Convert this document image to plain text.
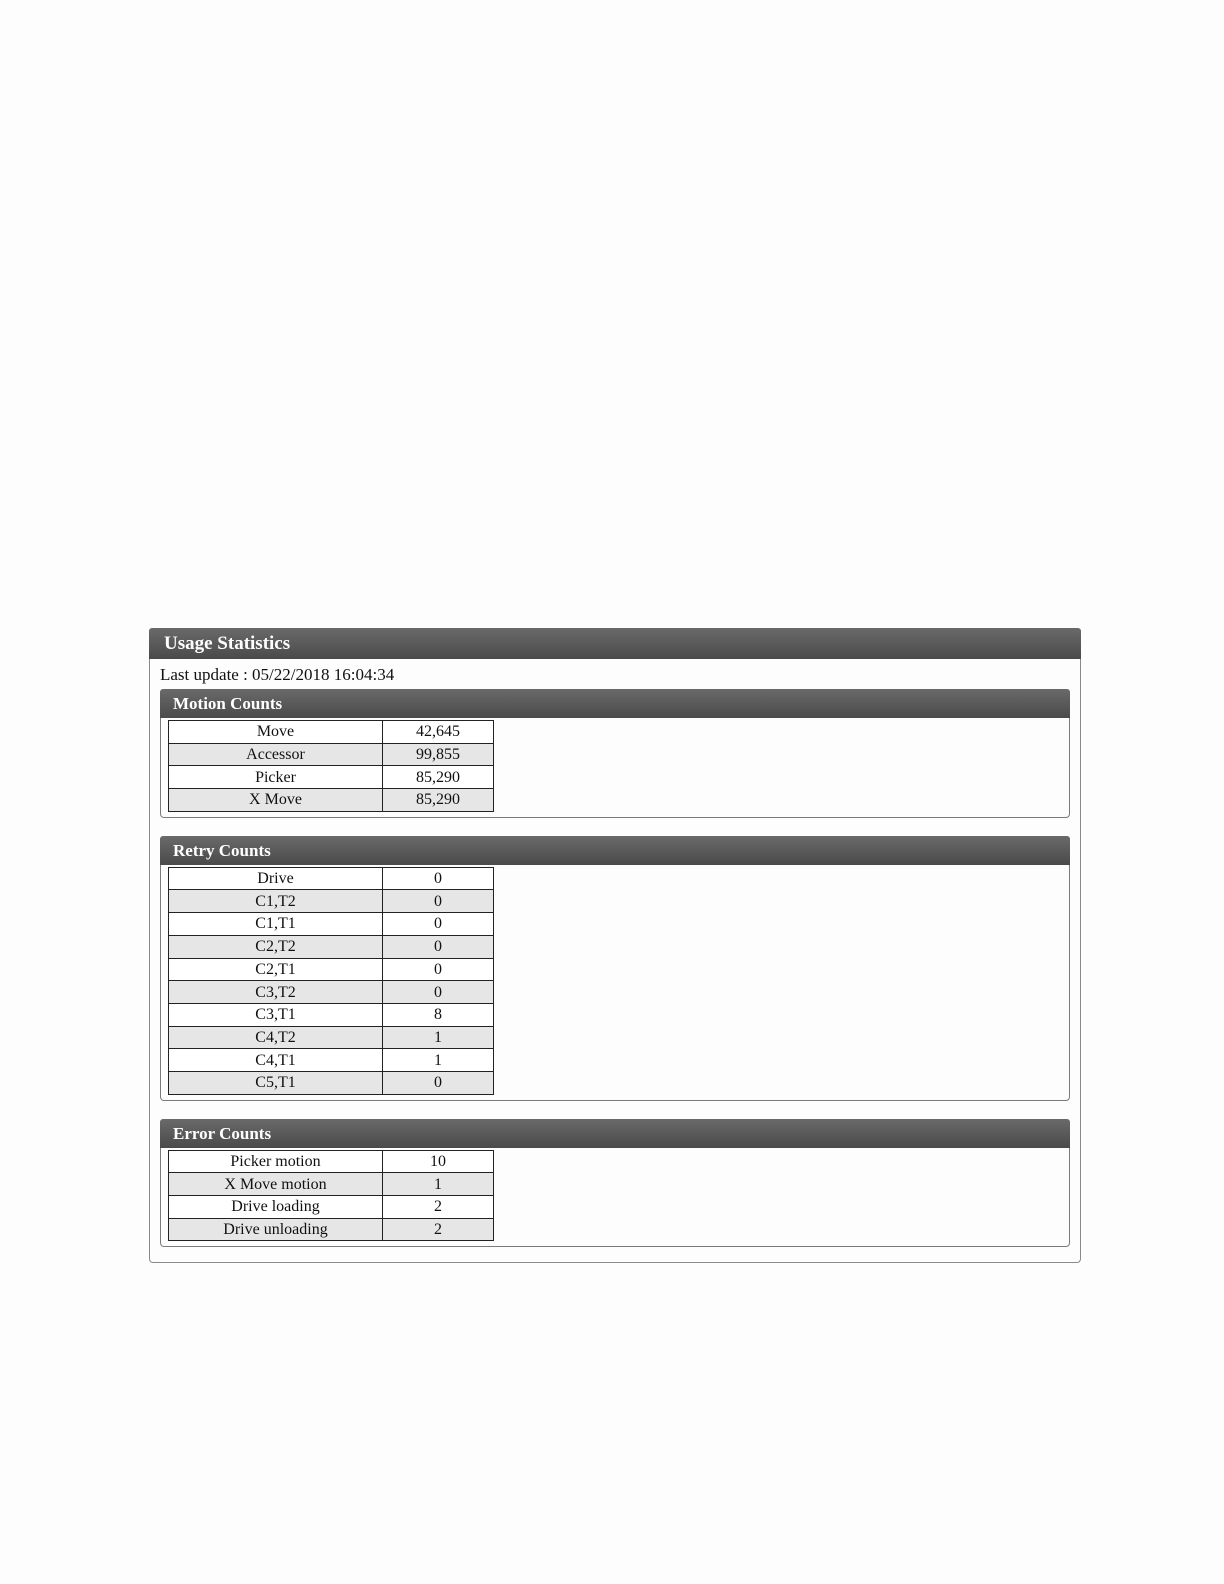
Usage Statistics
Last update : 05/22/2018 16:04:34
Motion Counts
Move	42,645
Accessor	99,855
Picker	85,290
X Move	85,290
Retry Counts
Drive	0
C1,T2	0
C1,T1	0
C2,T2	0
C2,T1	0
C3,T2	0
C3,T1	8
C4,T2	1
C4,T1	1
C5,T1	0
Error Counts
Picker motion	10
X Move motion	1
Drive loading	2
Drive unloading	2
